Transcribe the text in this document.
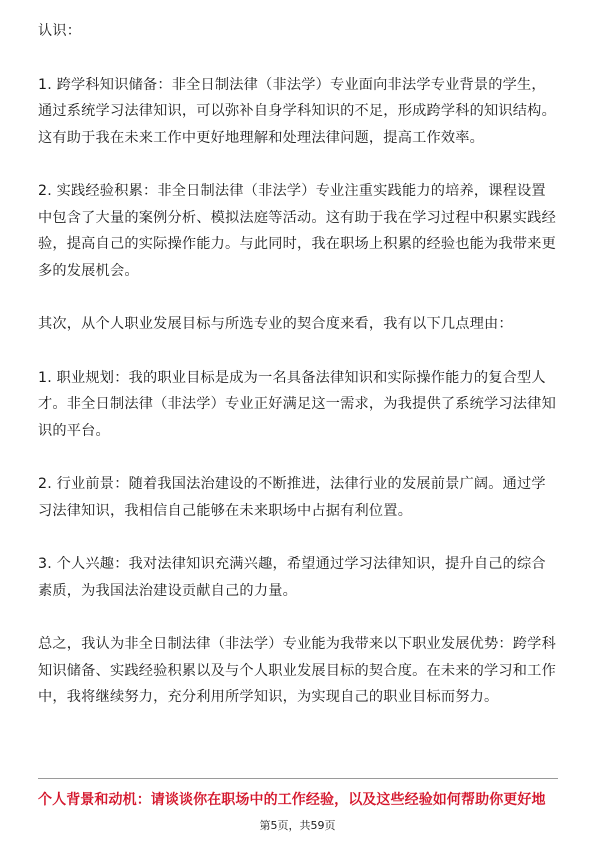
认识：

1. 跨学科知识储备：非全日制法律（非法学）专业面向非法学专业背景的学生，通过系统学习法律知识，可以弥补自身学科知识的不足，形成跨学科的知识结构。这有助于我在未来工作中更好地理解和处理法律问题，提高工作效率。

2. 实践经验积累：非全日制法律（非法学）专业注重实践能力的培养，课程设置中包含了大量的案例分析、模拟法庭等活动。这有助于我在学习过程中积累实践经验，提高自己的实际操作能力。与此同时，我在职场上积累的经验也能为我带来更多的发展机会。

其次，从个人职业发展目标与所选专业的契合度来看，我有以下几点理由：

1. 职业规划：我的职业目标是成为一名具备法律知识和实际操作能力的复合型人才。非全日制法律（非法学）专业正好满足这一需求，为我提供了系统学习法律知识的平台。

2. 行业前景：随着我国法治建设的不断推进，法律行业的发展前景广阔。通过学习法律知识，我相信自己能够在未来职场中占据有利位置。

3. 个人兴趣：我对法律知识充满兴趣，希望通过学习法律知识，提升自己的综合素质，为我国法治建设贡献自己的力量。

总之，我认为非全日制法律（非法学）专业能为我带来以下职业发展优势：跨学科知识储备、实践经验积累以及与个人职业发展目标的契合度。在未来的学习和工作中，我将继续努力，充分利用所学知识，为实现自己的职业目标而努力。

个人背景和动机：请谈谈你在职场中的工作经验，以及这些经验如何帮助你更好地

第5页，共59页
